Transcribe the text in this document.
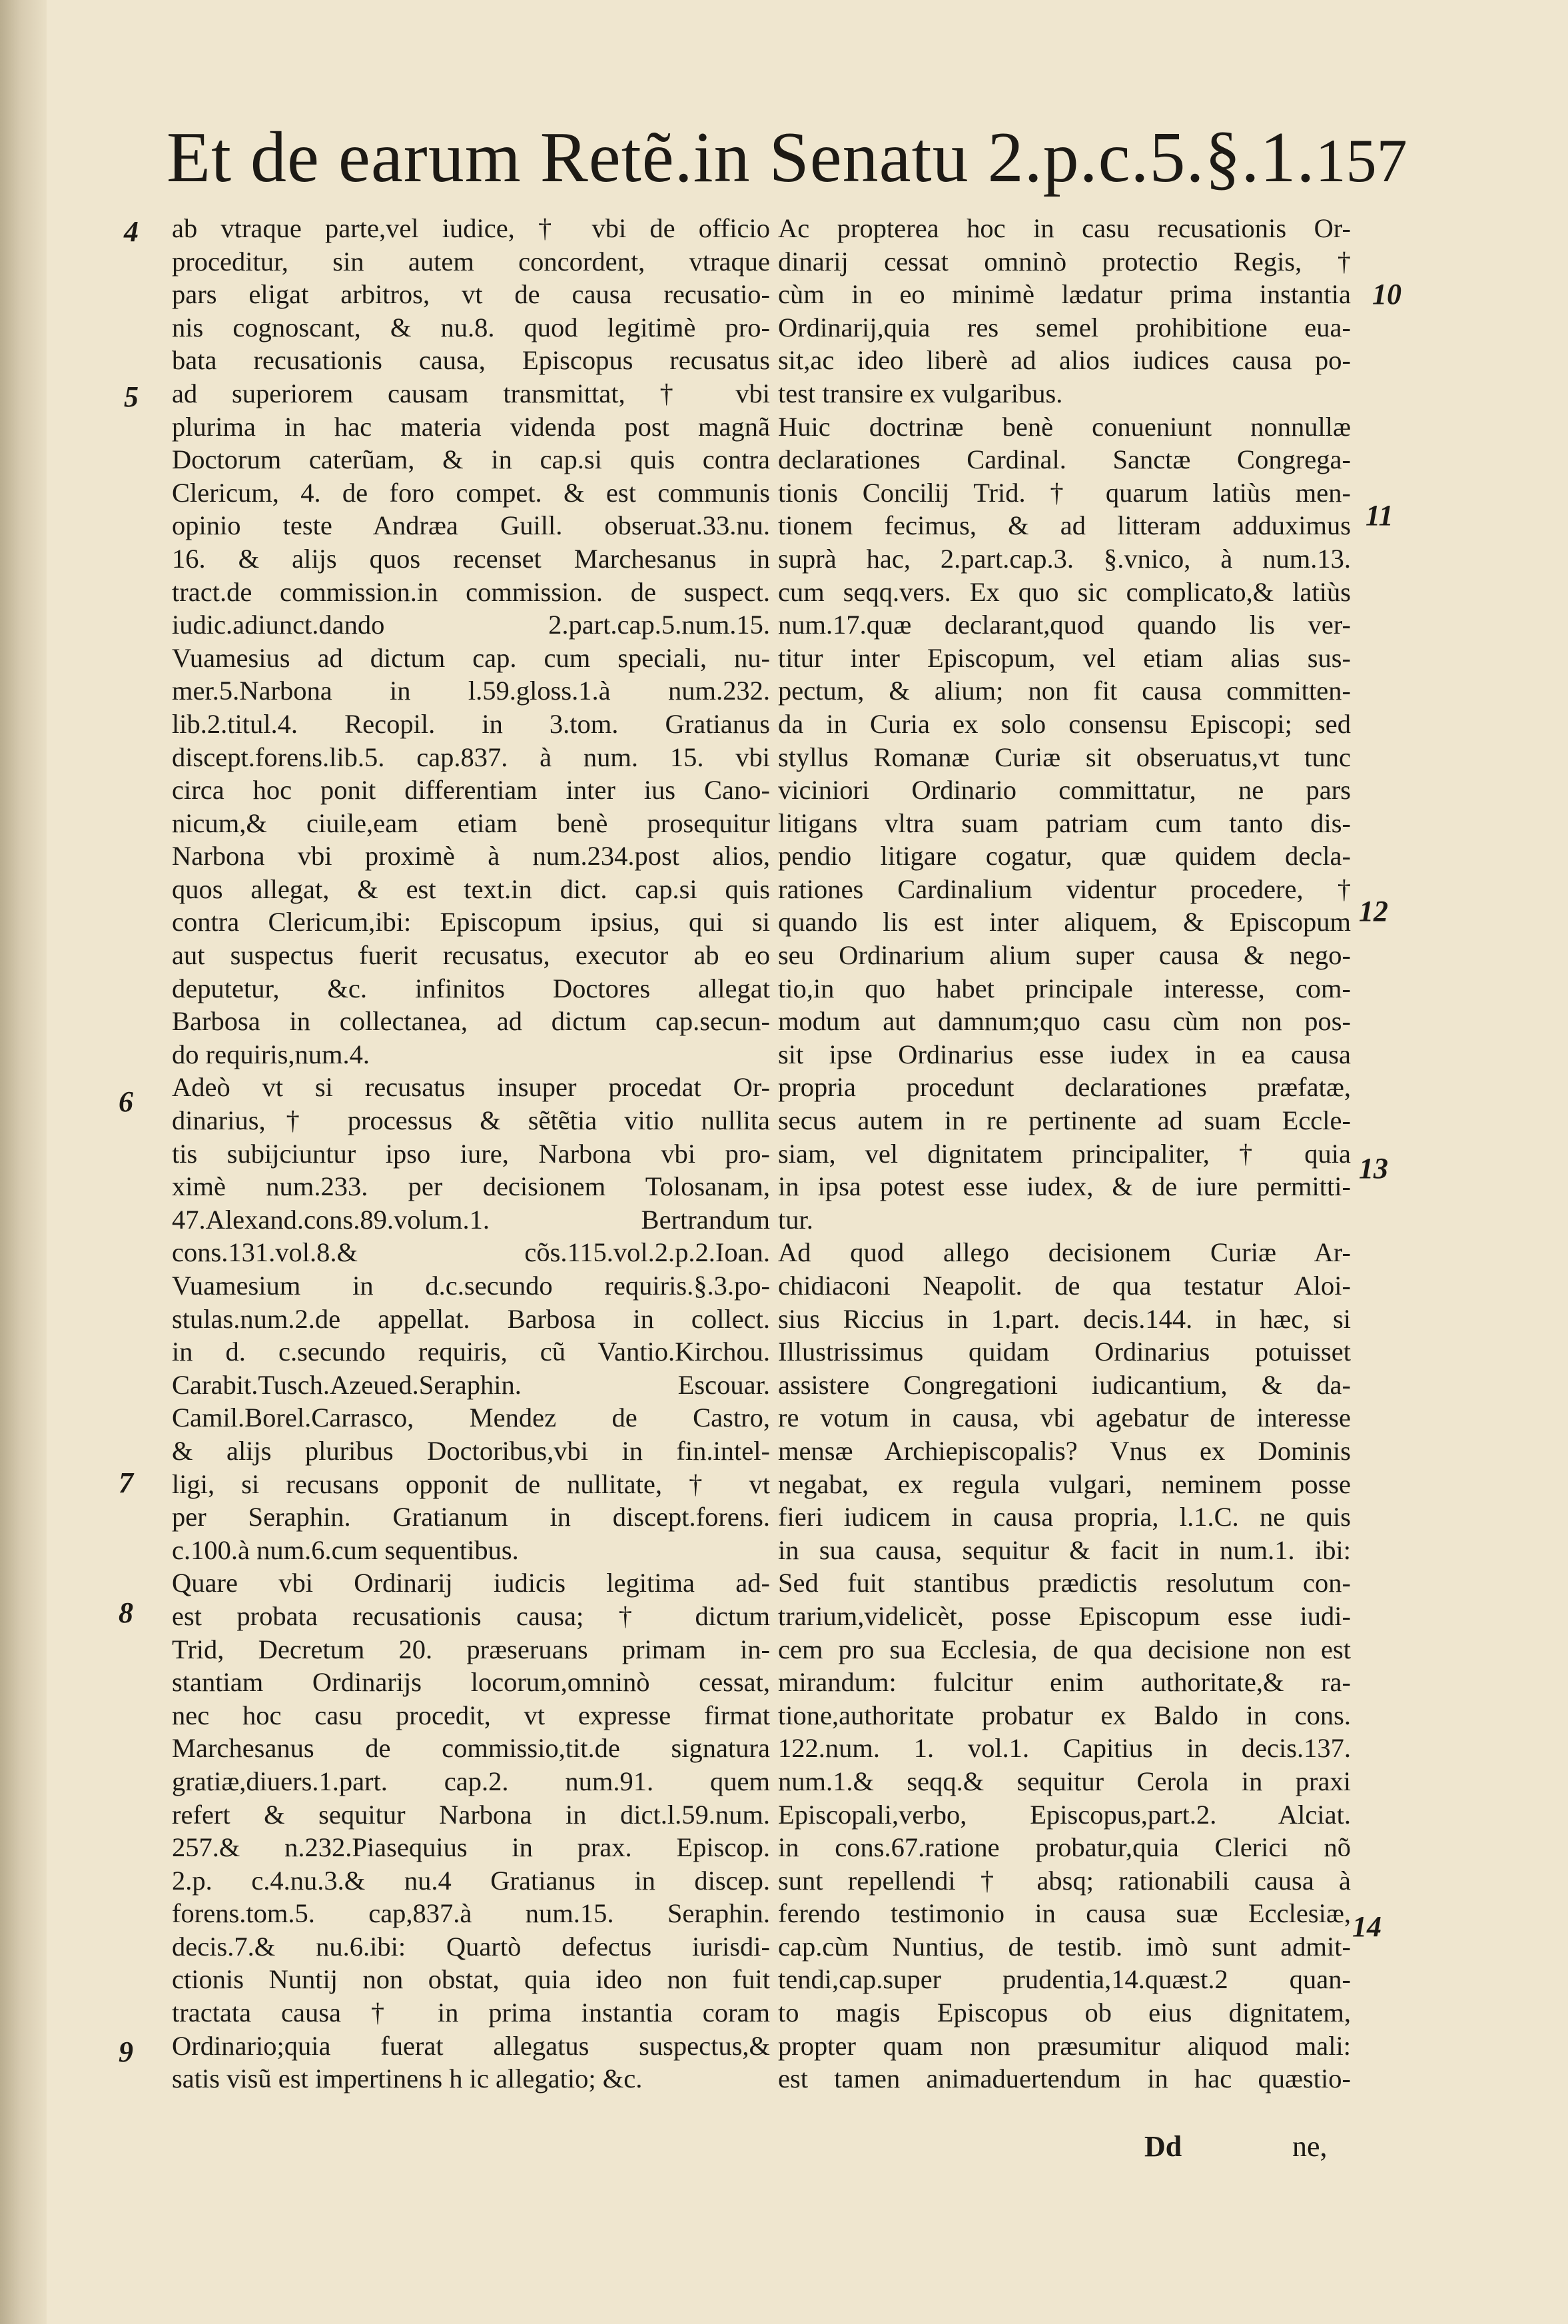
Et de earum Retẽ.in Senatu 2.p.c.5.§.1. 157
4
5
6
7
8
9
10
11
12
13
14
ab vtraque parte,vel iudice, † vbi de officio
proceditur, sin autem concordent, vtraque
pars eligat arbitros, vt de causa recusatio-
nis cognoscant, & nu.8. quod legitimè pro-
bata recusationis causa, Episcopus recusatus
ad superiorem causam transmittat, † vbi
plurima in hac materia videnda post magnã
Doctorum caterũam, & in cap.si quis contra
Clericum, 4. de foro compet. & est communis
opinio teste Andræa Guill. obseruat.33.nu.
16. & alijs quos recenset Marchesanus in
tract.de commission.in commission. de suspect.
iudic.adiunct.dando 2.part.cap.5.num.15.
Vuamesius ad dictum cap. cum speciali, nu-
mer.5.Narbona in l.59.gloss.1.à num.232.
lib.2.titul.4. Recopil. in 3.tom. Gratianus
discept.forens.lib.5. cap.837. à num. 15. vbi
circa hoc ponit differentiam inter ius Cano-
nicum,& ciuile,eam etiam benè prosequitur
Narbona vbi proximè à num.234.post alios,
quos allegat, & est text.in dict. cap.si quis
contra Clericum,ibi: Episcopum ipsius, qui si
aut suspectus fuerit recusatus, executor ab eo
deputetur, &c. infinitos Doctores allegat
Barbosa in collectanea, ad dictum cap.secun-
do requiris,num.4.
Adeò vt si recusatus insuper procedat Or-
dinarius,† processus & sẽtẽtia vitio nullita
tis subijciuntur ipso iure, Narbona vbi pro-
ximè num.233. per decisionem Tolosanam,
47.Alexand.cons.89.volum.1. Bertrandum
cons.131.vol.8.& cõs.115.vol.2.p.2.Ioan.
Vuamesium in d.c.secundo requiris.§.3.po-
stulas.num.2.de appellat. Barbosa in collect.
in d. c.secundo requiris, cũ Vantio.Kirchou.
Carabit.Tusch.Azeued.Seraphin. Escouar.
Camil.Borel.Carrasco, Mendez de Castro,
& alijs pluribus Doctoribus,vbi in fin.intel-
ligi, si recusans opponit de nullitate, † vt
per Seraphin. Gratianum in discept.forens.
c.100.à num.6.cum sequentibus.
Quare vbi Ordinarij iudicis legitima ad-
est probata recusationis causa; † dictum
Trid, Decretum 20. præseruans primam in-
stantiam Ordinarijs locorum,omninò cessat,
nec hoc casu procedit, vt expresse firmat
Marchesanus de commissio,tit.de signatura
gratiæ,diuers.1.part. cap.2. num.91. quem
refert & sequitur Narbona in dict.l.59.num.
257.& n.232.Piasequius in prax. Episcop.
2.p. c.4.nu.3.& nu.4 Gratianus in discep.
forens.tom.5. cap,837.à num.15. Seraphin.
decis.7.& nu.6.ibi: Quartò defectus iurisdi-
ctionis Nuntij non obstat, quia ideo non fuit
tractata causa † in prima instantia coram
Ordinario;quia fuerat allegatus suspectus,&
satis visũ est impertinens h ic allegatio; &c.
Ac propterea hoc in casu recusationis Or-
dinarij cessat omninò protectio Regis, †
cùm in eo minimè lædatur prima instantia
Ordinarij,quia res semel prohibitione eua-
sit,ac ideo liberè ad alios iudices causa po-
test transire ex vulgaribus.
Huic doctrinæ benè conueniunt nonnullæ
declarationes Cardinal. Sanctæ Congrega-
tionis Concilij Trid. † quarum latiùs men-
tionem fecimus, & ad litteram adduximus
suprà hac, 2.part.cap.3. §.vnico, à num.13.
cum seqq.vers. Ex quo sic complicato,& latiùs
num.17.quæ declarant,quod quando lis ver-
titur inter Episcopum, vel etiam alias sus-
pectum, & alium; non fit causa committen-
da in Curia ex solo consensu Episcopi; sed
styllus Romanæ Curiæ sit obseruatus,vt tunc
viciniori Ordinario committatur, ne pars
litigans vltra suam patriam cum tanto dis-
pendio litigare cogatur, quæ quidem decla-
rationes Cardinalium videntur procedere, †
quando lis est inter aliquem, & Episcopum
seu Ordinarium alium super causa & nego-
tio,in quo habet principale interesse, com-
modum aut damnum;quo casu cùm non pos-
sit ipse Ordinarius esse iudex in ea causa
propria procedunt declarationes præfatæ,
secus autem in re pertinente ad suam Eccle-
siam, vel dignitatem principaliter, † quia
in ipsa potest esse iudex, & de iure permitti-
tur.
Ad quod allego decisionem Curiæ Ar-
chidiaconi Neapolit. de qua testatur Aloi-
sius Riccius in 1.part. decis.144. in hæc, si
Illustrissimus quidam Ordinarius potuisset
assistere Congregationi iudicantium, & da-
re votum in causa, vbi agebatur de interesse
mensæ Archiepiscopalis? Vnus ex Dominis
negabat, ex regula vulgari, neminem posse
fieri iudicem in causa propria, l.1.C. ne quis
in sua causa, sequitur & facit in num.1. ibi:
Sed fuit stantibus prædictis resolutum con-
trarium,videlicèt, posse Episcopum esse iudi-
cem pro sua Ecclesia, de qua decisione non est
mirandum: fulcitur enim authoritate,& ra-
tione,authoritate probatur ex Baldo in cons.
122.num. 1. vol.1. Capitius in decis.137.
num.1.& seqq.& sequitur Cerola in praxi
Episcopali,verbo, Episcopus,part.2. Alciat.
in cons.67.ratione probatur,quia Clerici nõ
sunt repellendi † absq; rationabili causa à
ferendo testimonio in causa suæ Ecclesiæ,
cap.cùm Nuntius, de testib. imò sunt admit-
tendi,cap.super prudentia,14.quæst.2 quan-
to magis Episcopus ob eius dignitatem,
propter quam non præsumitur aliquod mali:
est tamen animaduertendum in hac quæstio-
Dd	ne,
